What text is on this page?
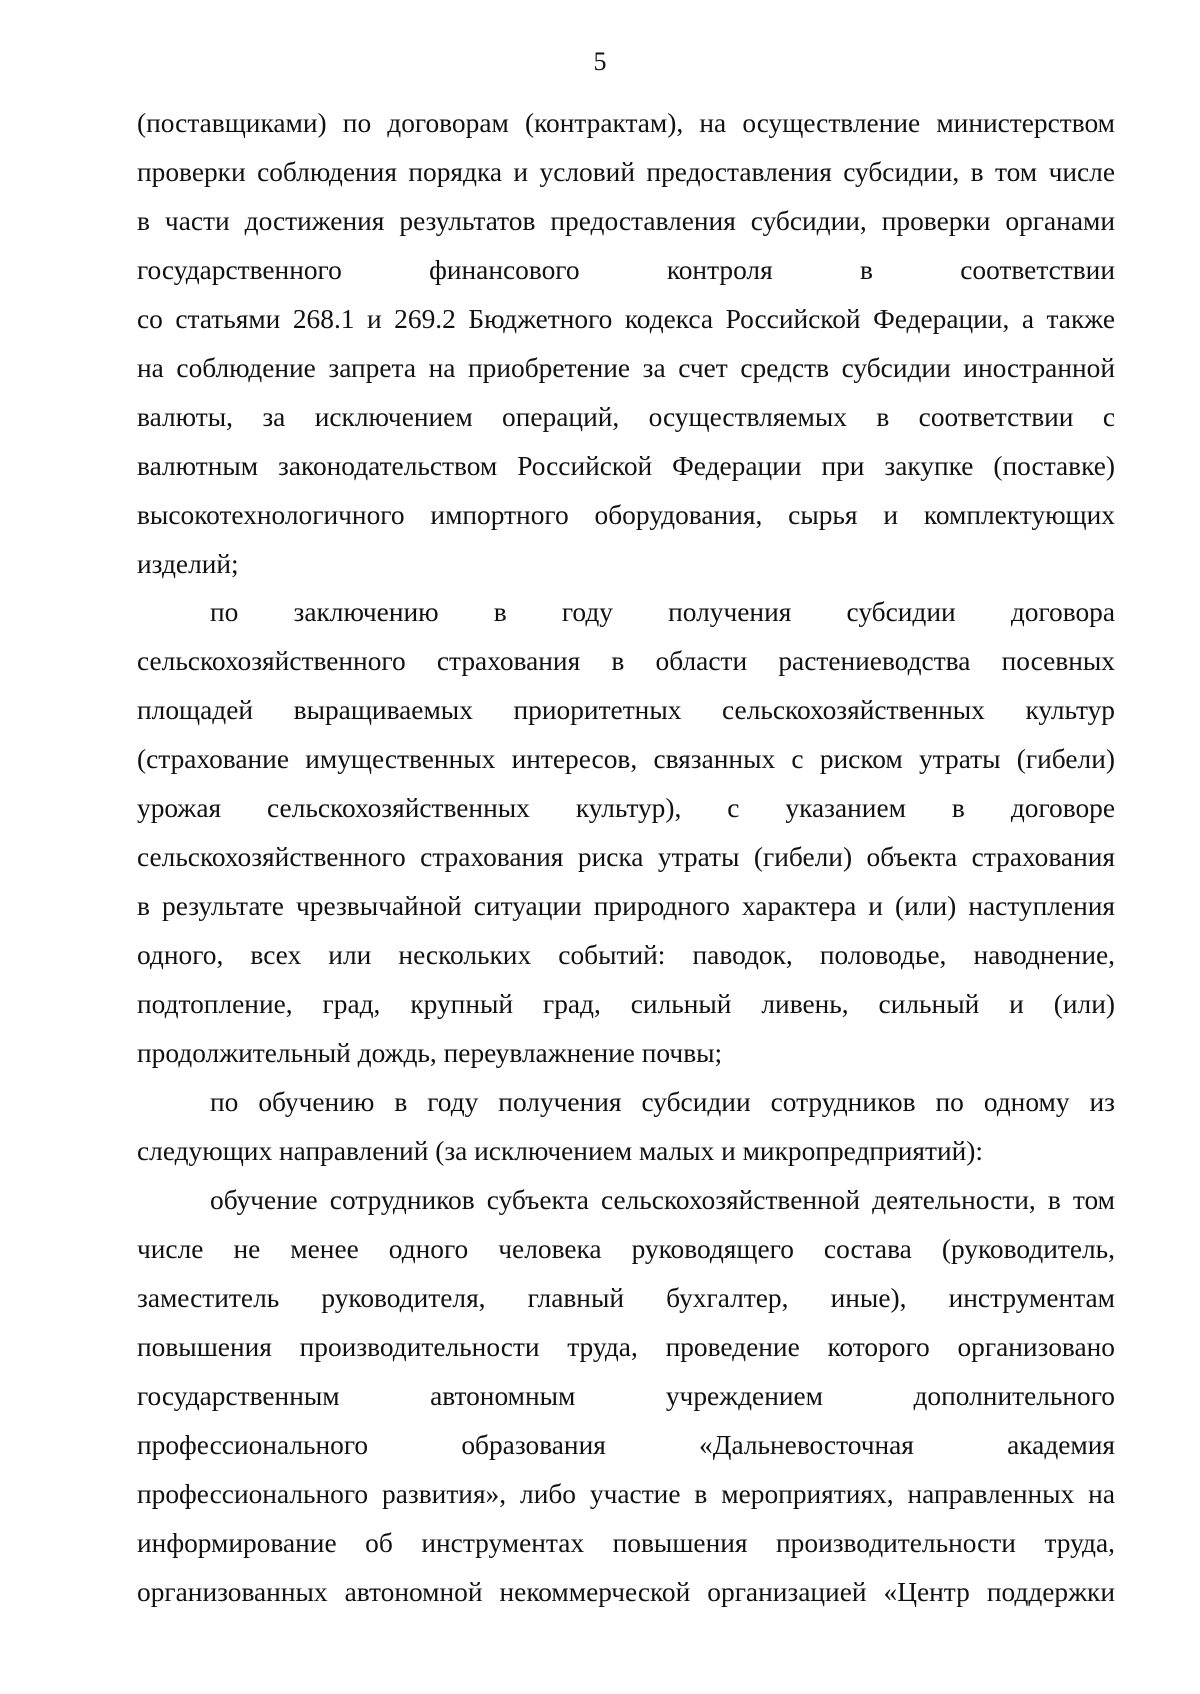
5
(поставщиками) по договорам (контрактам), на осуществление министерством
проверки соблюдения порядка и условий предоставления субсидии, в том числе
в части достижения результатов предоставления субсидии, проверки органами
государственного финансового контроля в соответствии
со статьями 268.1 и 269.2 Бюджетного кодекса Российской Федерации, а также
на соблюдение запрета на приобретение за счет средств субсидии иностранной
валюты, за исключением операций, осуществляемых в соответствии с
валютным законодательством Российской Федерации при закупке (поставке)
высокотехнологичного импортного оборудования, сырья и комплектующих
изделий;
по заключению в году получения субсидии договора
сельскохозяйственного страхования в области растениеводства посевных
площадей выращиваемых приоритетных сельскохозяйственных культур
(страхование имущественных интересов, связанных с риском утраты (гибели)
урожая сельскохозяйственных культур), с указанием в договоре
сельскохозяйственного страхования риска утраты (гибели) объекта страхования
в результате чрезвычайной ситуации природного характера и (или) наступления
одного, всех или нескольких событий: паводок, половодье, наводнение,
подтопление, град, крупный град, сильный ливень, сильный и (или)
продолжительный дождь, переувлажнение почвы;
по обучению в году получения субсидии сотрудников по одному из
следующих направлений (за исключением малых и микропредприятий):
обучение сотрудников субъекта сельскохозяйственной деятельности, в том
числе не менее одного человека руководящего состава (руководитель,
заместитель руководителя, главный бухгалтер, иные), инструментам
повышения производительности труда, проведение которого организовано
государственным автономным учреждением дополнительного
профессионального образования «Дальневосточная академия
профессионального развития», либо участие в мероприятиях, направленных на
информирование об инструментах повышения производительности труда,
организованных автономной некоммерческой организацией «Центр поддержки
